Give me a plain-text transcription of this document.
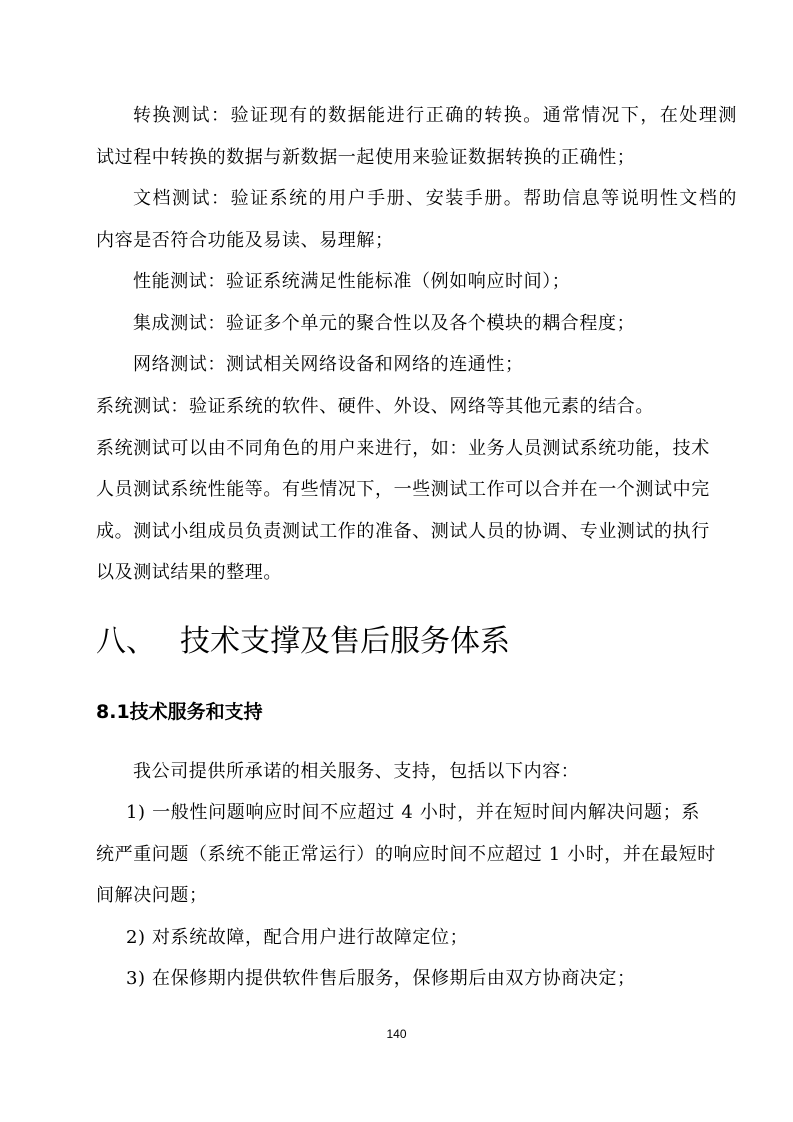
转换测试：验证现有的数据能进行正确的转换。通常情况下，在处理测
试过程中转换的数据与新数据一起使用来验证数据转换的正确性；
文档测试：验证系统的用户手册、安装手册。帮助信息等说明性文档的
内容是否符合功能及易读、易理解；
性能测试：验证系统满足性能标准（例如响应时间）；
集成测试：验证多个单元的聚合性以及各个模块的耦合程度；
网络测试：测试相关网络设备和网络的连通性；
系统测试：验证系统的软件、硬件、外设、网络等其他元素的结合。
系统测试可以由不同角色的用户来进行，如：业务人员测试系统功能，技术
人员测试系统性能等。有些情况下，一些测试工作可以合并在一个测试中完
成。测试小组成员负责测试工作的准备、测试人员的协调、专业测试的执行
以及测试结果的整理。
八、 技术支撑及售后服务体系
8.1技术服务和支持
我公司提供所承诺的相关服务、支持，包括以下内容：
1) 一般性问题响应时间不应超过 4 小时，并在短时间内解决问题；系
统严重问题（系统不能正常运行）的响应时间不应超过 1 小时，并在最短时
间解决问题；
2) 对系统故障，配合用户进行故障定位；
3) 在保修期内提供软件售后服务，保修期后由双方协商决定；
140
